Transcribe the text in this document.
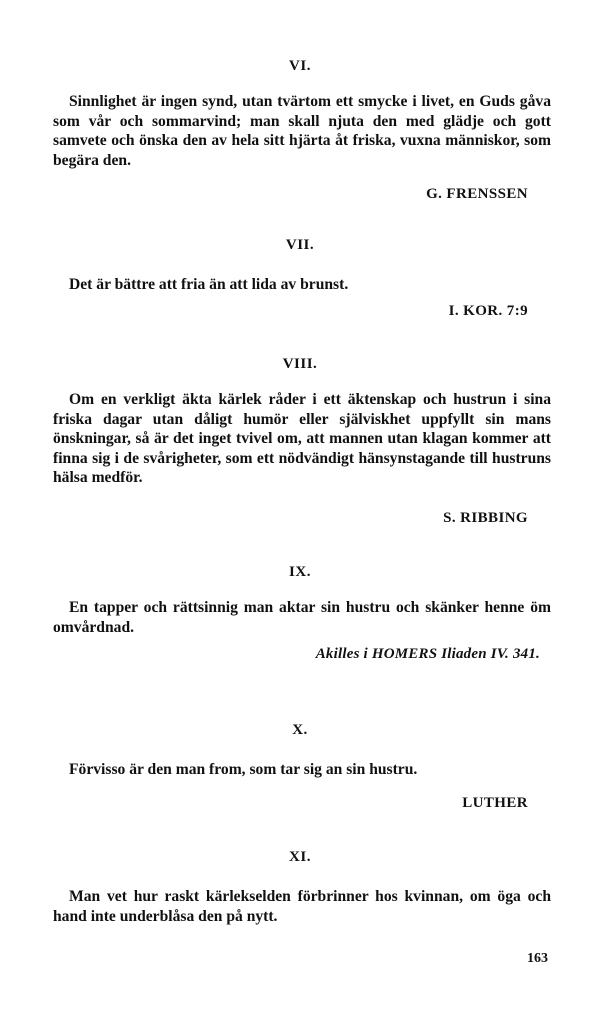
VI.
Sinnlighet är ingen synd, utan tvärtom ett smycke i livet, en Guds gåva som vår och sommarvind; man skall njuta den med glädje och gott samvete och önska den av hela sitt hjärta åt friska, vuxna människor, som begära den.
G. FRENSSEN
VII.
Det är bättre att fria än att lida av brunst.
I. KOR. 7:9
VIII.
Om en verkligt äkta kärlek råder i ett äktenskap och hustrun i sina friska dagar utan dåligt humör eller själviskhet uppfyllt sin mans önskningar, så är det inget tvivel om, att mannen utan klagan kommer att finna sig i de svårigheter, som ett nödvändigt hänsynstagande till hustruns hälsa medför.
S. RIBBING
IX.
En tapper och rättsinnig man aktar sin hustru och skänker henne öm omvårdnad.
Akilles i HOMERS Iliaden IV. 341.
X.
Förvisso är den man from, som tar sig an sin hustru.
LUTHER
XI.
Man vet hur raskt kärlekselden förbrinner hos kvinnan, om öga och hand inte underblåsa den på nytt.
163
